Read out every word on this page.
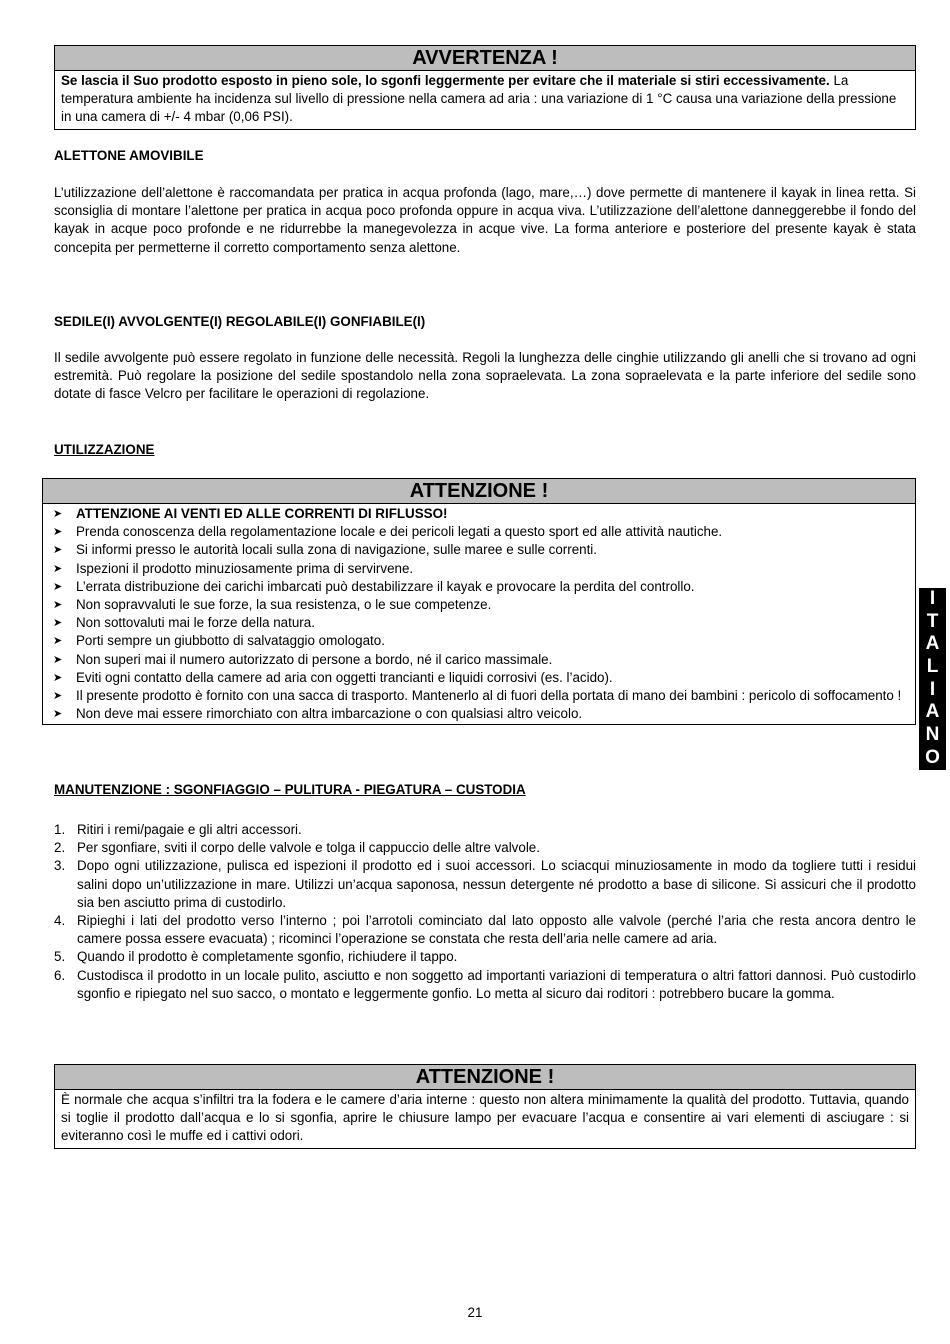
AVVERTENZA !
Se lascia il Suo prodotto esposto in pieno sole, lo sgonfi leggermente per evitare che il materiale si stiri eccessivamente. La temperatura ambiente ha incidenza sul livello di pressione nella camera ad aria : una variazione di 1 °C causa una variazione della pressione in una camera di +/- 4 mbar (0,06 PSI).
ALETTONE AMOVIBILE
L’utilizzazione dell’alettone è raccomandata per pratica in acqua profonda (lago, mare,…) dove permette di mantenere il kayak in linea retta. Si sconsiglia di montare l’alettone per pratica in acqua poco profonda oppure in acqua viva. L’utilizzazione dell’alettone danneggerebbe il fondo del kayak in acque poco profonde e ne ridurrebbe la manegevolezza in acque vive. La forma anteriore e posteriore del presente kayak è stata concepita per permetterne il corretto comportamento senza alettone.
SEDILE(I) AVVOLGENTE(I) REGOLABILE(I) GONFIABILE(I)
Il sedile avvolgente può essere regolato in funzione delle necessità. Regoli la lunghezza delle cinghie utilizzando gli anelli che si trovano ad ogni estremità. Può regolare la posizione del sedile spostandolo nella zona sopraelevata. La zona sopraelevata e la parte inferiore del sedile sono dotate di fasce Velcro per facilitare le operazioni di regolazione.
UTILIZZAZIONE
ATTENZIONE !
➤ ATTENZIONE AI VENTI ED ALLE CORRENTI DI RIFLUSSO!
➤ Prenda conoscenza della regolamentazione locale e dei pericoli legati a questo sport ed alle attività nautiche.
➤ Si informi presso le autorità locali sulla zona di navigazione, sulle maree e sulle correnti.
➤ Ispezioni il prodotto minuziosamente prima di servirvene.
➤ L’errata distribuzione dei carichi imbarcati può destabilizzare il kayak e provocare la perdita del controllo.
➤ Non sopravvaluti le sue forze, la sua resistenza, o le sue competenze.
➤ Non sottovaluti mai le forze della natura.
➤ Porti sempre un giubbotto di salvataggio omologato.
➤ Non superi mai il numero autorizzato di persone a bordo, né il carico massimale.
➤ Eviti ogni contatto della camere ad aria con oggetti trancianti e liquidi corrosivi (es. l’acido).
➤ Il presente prodotto è fornito con una sacca di trasporto. Mantenerlo al di fuori della portata di mano dei bambini : pericolo di soffocamento !
➤ Non deve mai essere rimorchiato con altra imbarcazione o con qualsiasi altro veicolo.
I
T
A
L
I
A
N
O
MANUTENZIONE : SGONFIAGGIO – PULITURA - PIEGATURA – CUSTODIA
1. Ritiri i remi/pagaie e gli altri accessori.
2. Per sgonfiare, sviti il corpo delle valvole e tolga il cappuccio delle altre valvole.
3. Dopo ogni utilizzazione, pulisca ed ispezioni il prodotto ed i suoi accessori. Lo sciacqui minuziosamente in modo da togliere tutti i residui salini dopo un’utilizzazione in mare. Utilizzi un’acqua saponosa, nessun detergente né prodotto a base di silicone. Si assicuri che il prodotto sia ben asciutto prima di custodirlo.
4. Ripieghi i lati del prodotto verso l’interno ; poi l’arrotoli cominciato dal lato opposto alle valvole (perché l’aria che resta ancora dentro le camere possa essere evacuata) ; ricominci l’operazione se constata che resta dell’aria nelle camere ad aria.
5. Quando il prodotto è completamente sgonfio, richiudere il tappo.
6. Custodisca il prodotto in un locale pulito, asciutto e non soggetto ad importanti variazioni di temperatura o altri fattori dannosi. Può custodirlo sgonfio e ripiegato nel suo sacco, o montato e leggermente gonfio. Lo metta al sicuro dai roditori : potrebbero bucare la gomma.
ATTENZIONE !
È normale che acqua s’infiltri tra la fodera e le camere d’aria interne : questo non altera minimamente la qualità del prodotto. Tuttavia, quando si toglie il prodotto dall’acqua e lo si sgonfia, aprire le chiusure lampo per evacuare l’acqua e consentire ai vari elementi di asciugare : si eviteranno così le muffe ed i cattivi odori.
21
